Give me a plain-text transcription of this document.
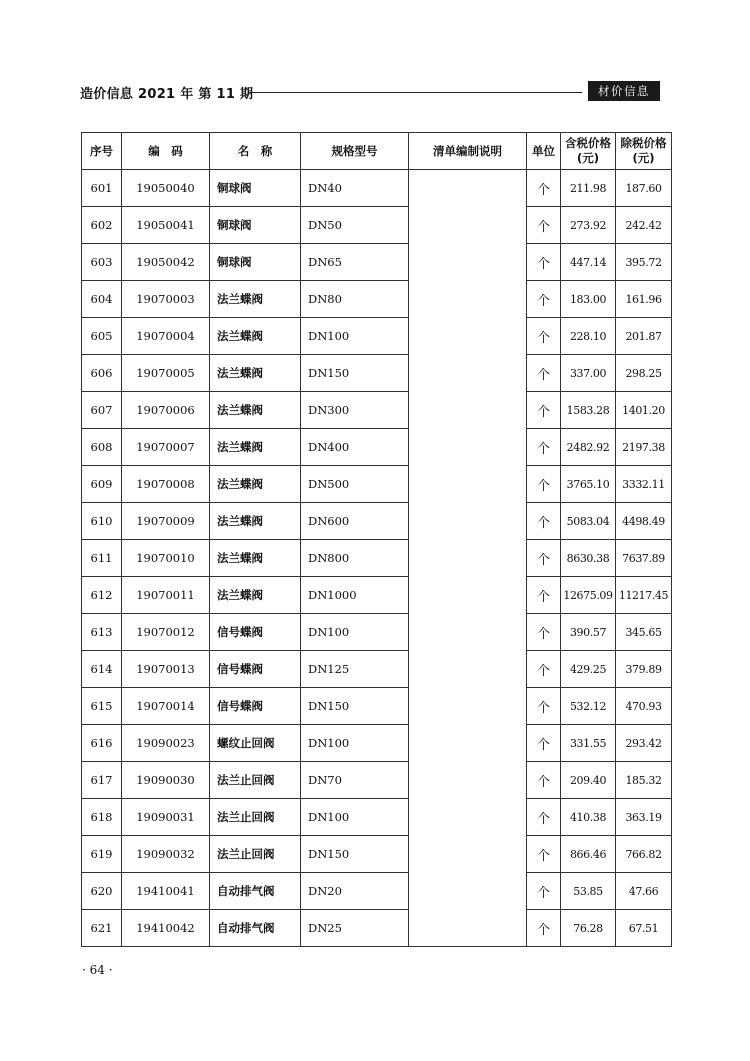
造价信息 2021 年 第 11 期	材价信息
序号	编　码	名　称	规格型号	清单编制说明	单位	含税价格(元)	除税价格(元)
601	19050040	铜球阀	DN40		个	211.98	187.60
602	19050041	铜球阀	DN50		个	273.92	242.42
603	19050042	铜球阀	DN65		个	447.14	395.72
604	19070003	法兰蝶阀	DN80		个	183.00	161.96
605	19070004	法兰蝶阀	DN100		个	228.10	201.87
606	19070005	法兰蝶阀	DN150		个	337.00	298.25
607	19070006	法兰蝶阀	DN300		个	1583.28	1401.20
608	19070007	法兰蝶阀	DN400		个	2482.92	2197.38
609	19070008	法兰蝶阀	DN500		个	3765.10	3332.11
610	19070009	法兰蝶阀	DN600		个	5083.04	4498.49
611	19070010	法兰蝶阀	DN800		个	8630.38	7637.89
612	19070011	法兰蝶阀	DN1000		个	12675.09	11217.45
613	19070012	信号蝶阀	DN100		个	390.57	345.65
614	19070013	信号蝶阀	DN125		个	429.25	379.89
615	19070014	信号蝶阀	DN150		个	532.12	470.93
616	19090023	螺纹止回阀	DN100		个	331.55	293.42
617	19090030	法兰止回阀	DN70		个	209.40	185.32
618	19090031	法兰止回阀	DN100		个	410.38	363.19
619	19090032	法兰止回阀	DN150		个	866.46	766.82
620	19410041	自动排气阀	DN20		个	53.85	47.66
621	19410042	自动排气阀	DN25		个	76.28	67.51
· 64 ·
